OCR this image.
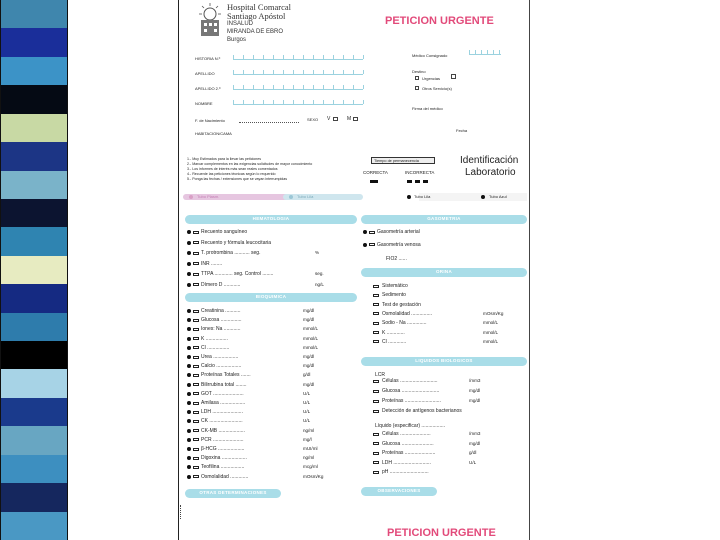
Hospital Comarcal
Santiago Apóstol
INSALUD
MIRANDA DE EBRO
Burgos
PETICION URGENTE
HISTORIA N.º
APELLIDO
APELLIDO 2.º
NOMBRE
F. de Nacimiento
HABITACION/CAMA
SEXO V	M
Médico Consignado
Destino
Urgencias
Otros Servicio(s)
Firma del médico
Fecha
1.- Muy Estimados para la llevar las peticiones
2.- Marcar complementos en las exigencias solicitudes de mayor conocimiento
3.- Los informes de interés más sean reales comentados
4.- Recuerde las peticiones técnicas según lo requerido
5.- Ponga las fechas / extensiones que se vayan interrumpidas
Tiempo de permanecencia
CORRECTA	INCORRECTA
Identificación
Laboratorio
Tubo Plasm.	Tubo Lila	Tubo Lila	Tubo Azul
HEMATOLOGIA	GASOMETRIA
ORINA
BIOQUIMICA
LIQUIDOS BIOLOGICOS
OTRAS DETERMINACIONES	OBSERVACIONES
Recuento sanguíneo
Recuento y fórmula leucocitaria
T. protrombina ........... seg.	%
INR ........
TTPA ............. seg. Control ........	seg.
Dímero D ............	ng/L
Gasometría arterial
Gasometría venosa
FIO2 ......
Sistemático
Sedimento
Test de gestación
Osmolalidad ...............	mOsm/Kg
Sodio - Na ..............	mmol/L
K .............	mmol/L
Cl .............	mmol/L
Creatinina ...........	mg/dl
Glucosa ...............	mg/dl
Iones: Na ............	mmol/L
K ................	mmol/L
Cl ................	mmol/L
Urea ..................	mg/dl
Calcio ..................	mg/dl
Proteínas Totales .......	g/dl
Bilirrubina total ........	mg/dl
GOT ......................	U/L
Amilasa ..................	U/L
LDH ......................	U/L
CK ........................	U/L
CK-MB ...................	ng/ml
PCR ......................	mg/l
β-HCG ...................	mUI/ml
Digoxina ..................	ng/ml
Teofilina .................	mcg/ml
Osmolalidad .............	mOsm/Kg
LCR
Células ...........................	/mm3
Glucosa ...........................	mg/dl
Proteínas ..........................	mg/dl
Detección de antígenos bacterianos
Líquido (especificar) .................
Células ......................	/mm3
Glucosa .......................	mg/dl
Proteínas ......................	g/dl
LDH ...........................	U/L
pH ............................
PETICION URGENTE
